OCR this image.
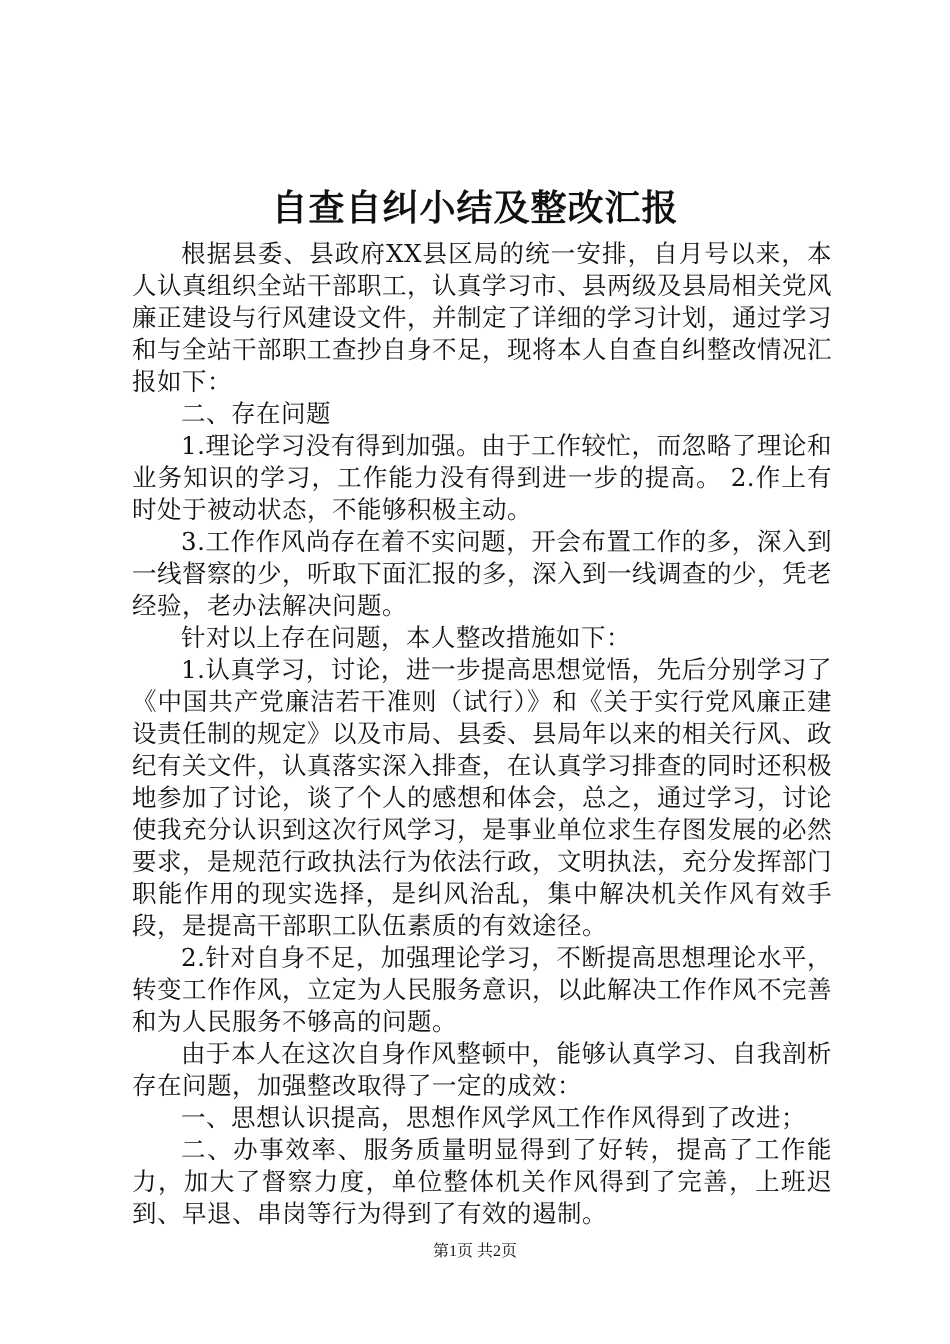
自查自纠小结及整改汇报

根据县委、县政府XX县区局的统一安排，自月号以来，本人认真组织全站干部职工，认真学习市、县两级及县局相关党风廉正建设与行风建设文件，并制定了详细的学习计划，通过学习和与全站干部职工查抄自身不足，现将本人自查自纠整改情况汇报如下：

二、存在问题

1.理论学习没有得到加强。由于工作较忙，而忽略了理论和业务知识的学习，工作能力没有得到进一步的提高。 2.作上有时处于被动状态，不能够积极主动。

3.工作作风尚存在着不实问题，开会布置工作的多，深入到一线督察的少，听取下面汇报的多，深入到一线调查的少，凭老经验，老办法解决问题。

针对以上存在问题，本人整改措施如下：

1.认真学习，讨论，进一步提高思想觉悟，先后分别学习了《中国共产党廉洁若干准则（试行）》和《关于实行党风廉正建设责任制的规定》以及市局、县委、县局年以来的相关行风、政纪有关文件，认真落实深入排查，在认真学习排查的同时还积极地参加了讨论，谈了个人的感想和体会，总之，通过学习，讨论使我充分认识到这次行风学习，是事业单位求生存图发展的必然要求，是规范行政执法行为依法行政，文明执法，充分发挥部门职能作用的现实选择，是纠风治乱，集中解决机关作风有效手段，是提高干部职工队伍素质的有效途径。

2.针对自身不足，加强理论学习，不断提高思想理论水平，转变工作作风，立定为人民服务意识，以此解决工作作风不完善和为人民服务不够高的问题。

由于本人在这次自身作风整顿中，能够认真学习、自我剖析存在问题，加强整改取得了一定的成效：

一、思想认识提高，思想作风学风工作作风得到了改进；

二、办事效率、服务质量明显得到了好转，提高了工作能力，加大了督察力度，单位整体机关作风得到了完善，上班迟到、早退、串岗等行为得到了有效的遏制。

第1页 共2页
